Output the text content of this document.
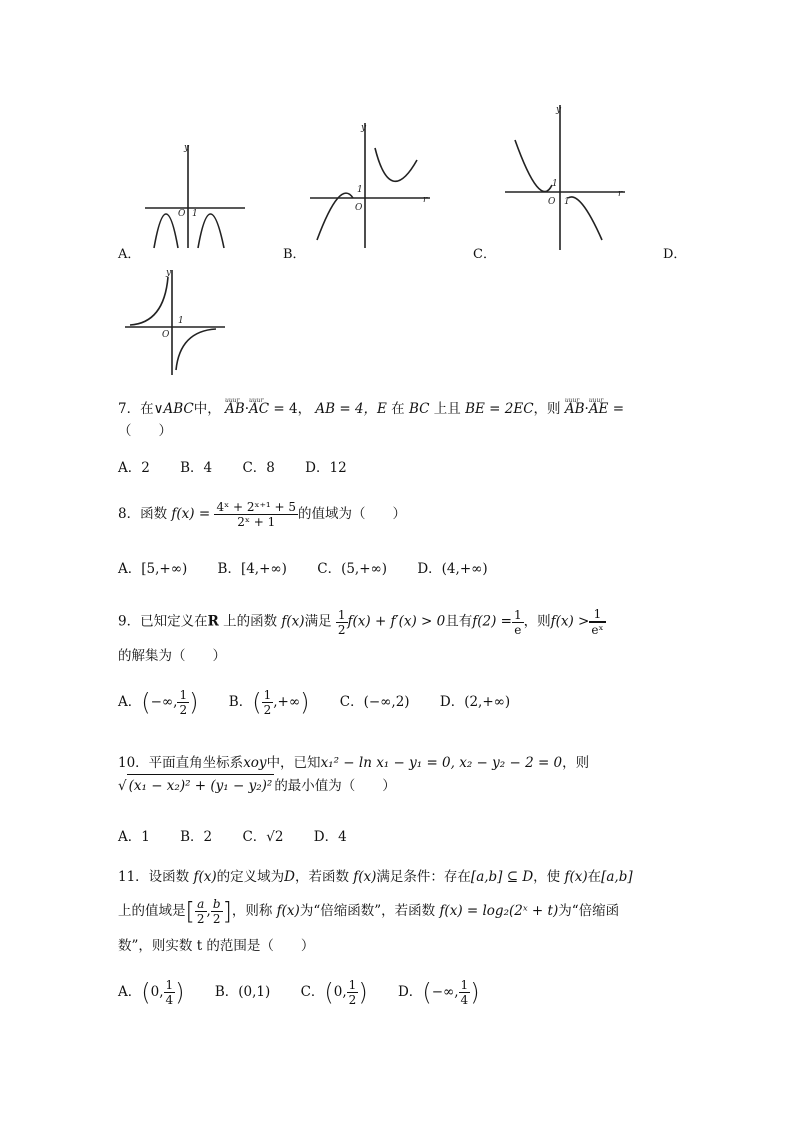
y
O 1
A．
y
O
1
r
B．
y
O
1
1
r
C．	D．
y
O
1
7．在∨ABC中， uuur AB·uuur AC = 4， AB = 4，E 在 BC 上且 BE = 2EC，则 uuur AB·uuur AE =
（　　）
A．2 B．4 C．8 D．12
8．函数 $f(x) = \frac{\text{4ˣ + 2ˣ⁺¹ + 5}}{\text{2ˣ + 1}}$ 的值域为（　　）
A．[5,+∞) B．[4,+∞) C．(5,+∞) D．(4,+∞)
9．已知定义在R 上的函数 f(x)满足 $\frac{1}{2} f(x) + f'(x) > 0$且有$f(2) = \frac{1}{e}$ ，则$f(x) > \frac{1}{\text{eˣ}}$
的解集为（　　）
A．(−∞, $\frac{1}{2}$ ) B．( $\frac{1}{2}$ ,+∞) C．(−∞,2) D．(2,+∞)
10．平面直角坐标系xoy中，已知x₁² − ln x₁ − y₁ = 0, x₂ − y₂ − 2 = 0，则
√ (x₁ − x₂)² + (y₁ − y₂)² 的最小值为（　　）
A．1 B．2 C．√2 D．4
11．设函数 f(x)的定义域为D，若函数 f(x)满足条件：存在[a,b] ⊆ D，使 f(x)在[a,b]
上的值域是[ $\frac{a}{2}$ , $\frac{b}{2}$ ]，则称 f(x)为“倍缩函数”，若函数 f(x) = log₂(2ˣ + t)为“倍缩函
数”，则实数 t 的范围是（　　）
A．(0, $\frac{1}{4}$ ) B．(0,1) C．(0, $\frac{1}{2}$ ) D．(−∞, $\frac{1}{4}$ )
